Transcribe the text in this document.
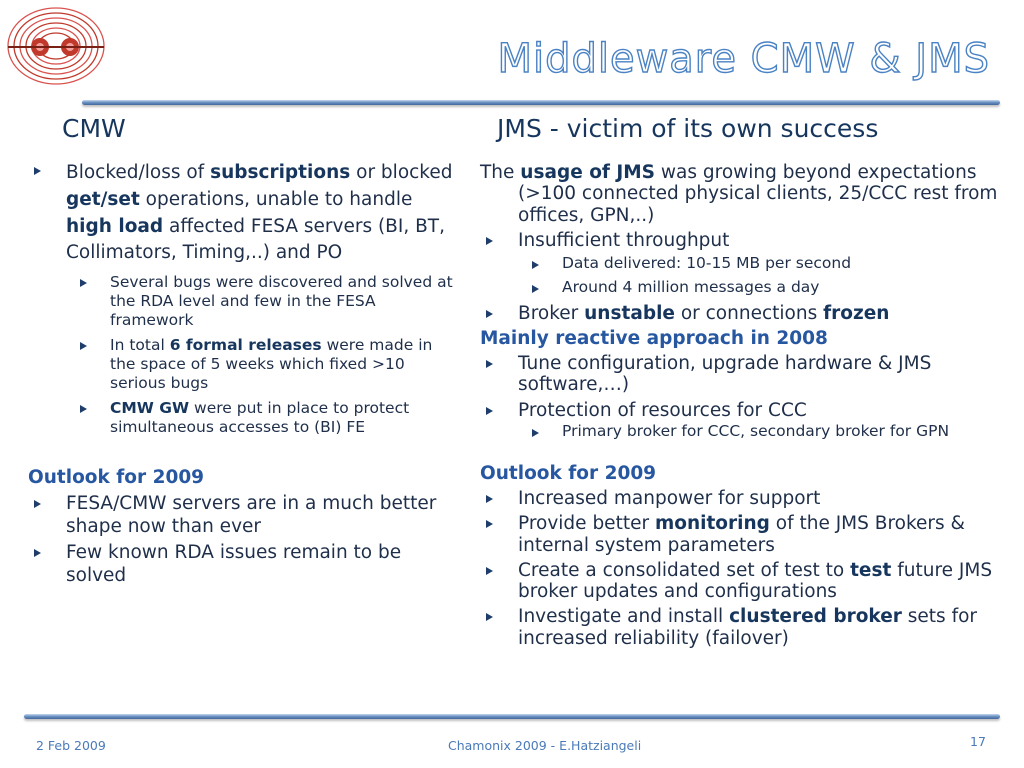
Middleware CMW & JMS
CMW	JMS - victim of its own success
Blocked/loss of subscriptions or blocked get/set operations, unable to handle high load affected FESA servers (BI, BT, Collimators, Timing,..) and PO
Several bugs were discovered and solved at the RDA level and few in the FESA framework
In total 6 formal releases were made in the space of 5 weeks which fixed >10 serious bugs
CMW GW were put in place to protect simultaneous accesses to (BI) FE
Outlook for 2009
FESA/CMW servers are in a much better shape now than ever
Few known RDA issues remain to be solved
The usage of JMS was growing beyond expectations (>100 connected physical clients, 25/CCC rest from offices, GPN,..)
Insufficient throughput
Data delivered: 10-15 MB per second
Around 4 million messages a day
Broker unstable or connections frozen
Mainly reactive approach in 2008
Tune configuration, upgrade hardware & JMS software,…)
Protection of resources for CCC
Primary broker for CCC, secondary broker for GPN
Outlook for 2009
Increased manpower for support
Provide better monitoring of the JMS Brokers & internal system parameters
Create a consolidated set of test to test future JMS broker updates and configurations
Investigate and install clustered broker sets for increased reliability (failover)
2 Feb 2009	Chamonix 2009 - E.Hatziangeli	17
